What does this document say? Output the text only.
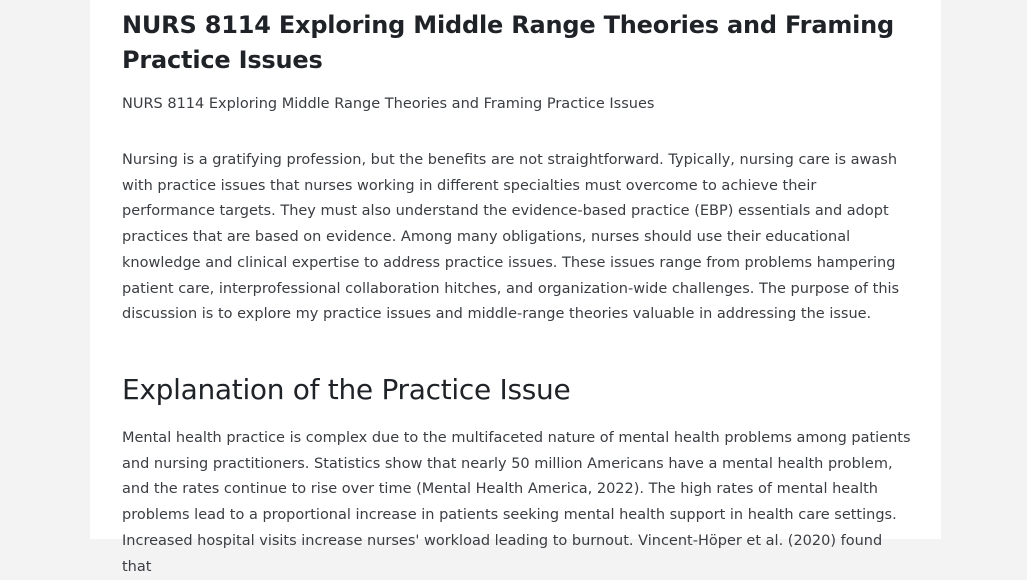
NURS 8114 Exploring Middle Range Theories and Framing Practice Issues

NURS 8114 Exploring Middle Range Theories and Framing Practice Issues

Nursing is a gratifying profession, but the benefits are not straightforward. Typically, nursing care is awash with practice issues that nurses working in different specialties must overcome to achieve their performance targets. They must also understand the evidence-based practice (EBP) essentials and adopt practices that are based on evidence. Among many obligations, nurses should use their educational knowledge and clinical expertise to address practice issues. These issues range from problems hampering patient care, interprofessional collaboration hitches, and organization-wide challenges. The purpose of this discussion is to explore my practice issues and middle-range theories valuable in addressing the issue.

Explanation of the Practice Issue

Mental health practice is complex due to the multifaceted nature of mental health problems among patients and nursing practitioners. Statistics show that nearly 50 million Americans have a mental health problem, and the rates continue to rise over time (Mental Health America, 2022). The high rates of mental health problems lead to a proportional increase in patients seeking mental health support in health care settings. Increased hospital visits increase nurses' workload leading to burnout. Vincent-Höper et al. (2020) found that
